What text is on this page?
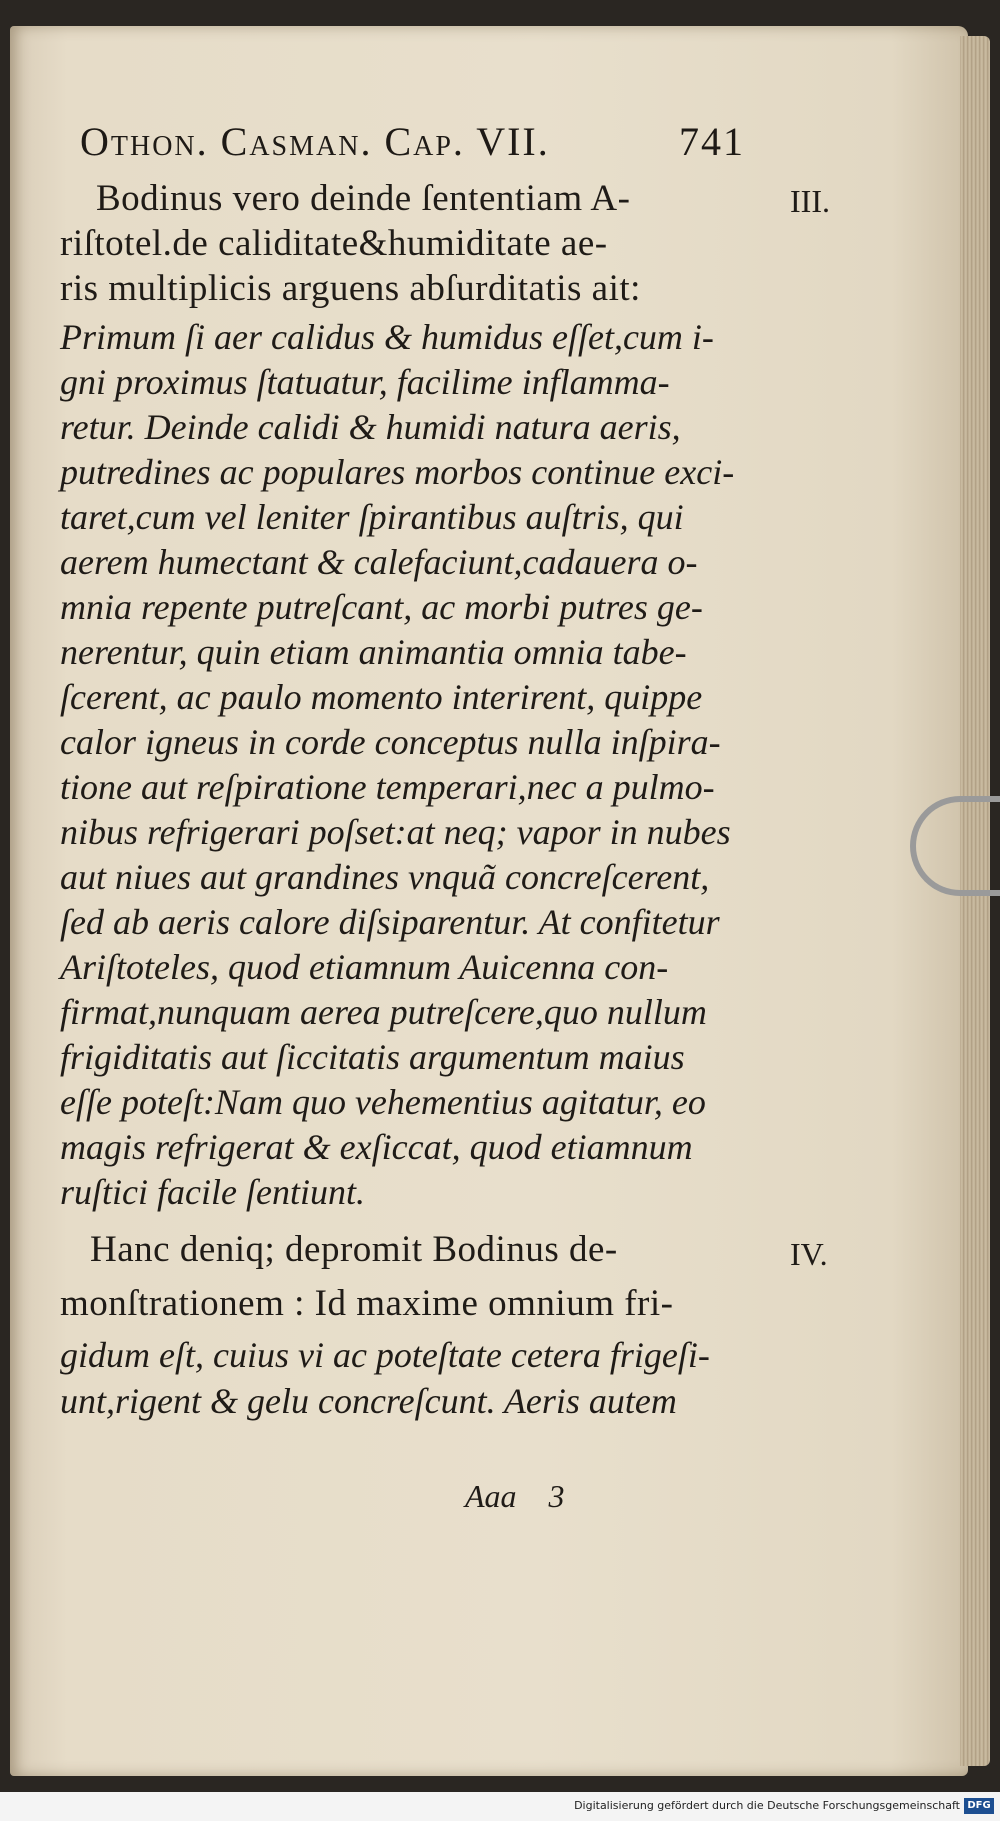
Othon. Casman. Cap. VII.	741
Bodinus vero deinde ſententiam A-
riſtotel.de caliditate&humiditate ae-
ris multiplicis arguens abſurditatis ait:
Primum ſi aer calidus & humidus eſſet,cum i-
gni proximus ſtatuatur, facilime inflamma-
retur. Deinde calidi & humidi natura aeris,
putredines ac populares morbos continue exci-
taret,cum vel leniter ſpirantibus auſtris, qui
aerem humectant & calefaciunt,cadauera o-
mnia repente putreſcant, ac morbi putres ge-
nerentur, quin etiam animantia omnia tabe-
ſcerent, ac paulo momento interirent, quippe
calor igneus in corde conceptus nulla inſpira-
tione aut reſpiratione temperari,nec a pulmo-
nibus refrigerari poſset:at neq; vapor in nubes
aut niues aut grandines vnquã concreſcerent,
ſed ab aeris calore diſsiparentur. At confitetur
Ariſtoteles, quod etiamnum Auicenna con-
firmat,nunquam aerea putreſcere,quo nullum
frigiditatis aut ſiccitatis argumentum maius
eſſe poteſt:Nam quo vehementius agitatur, eo
magis refrigerat & exſiccat, quod etiamnum
ruſtici facile ſentiunt.
Hanc deniq; depromit Bodinus de-
monſtrationem : Id maxime omnium fri-
gidum eſt, cuius vi ac poteſtate cetera frigeſi-
unt,rigent & gelu concreſcunt. Aeris autem
III.
IV.
Aaa 3
Digitalisierung gefördert durch die Deutsche Forschungsgemeinschaft DFG
